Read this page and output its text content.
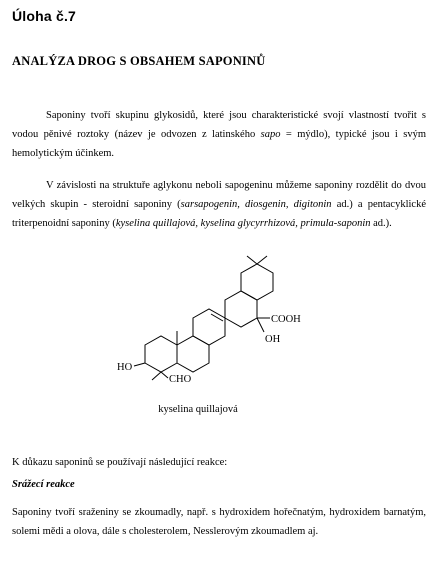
Úloha č.7
ANALÝZA DROG S OBSAHEM SAPONINŮ
Saponiny tvoří skupinu glykosidů, které jsou charakteristické svojí vlastností tvořit s vodou pěnivé roztoky (název je odvozen z latinského sapo = mýdlo), typické jsou i svým hemolytickým účinkem.
V závislosti na struktuře aglykonu neboli sapogeninu můžeme saponiny rozdělit do dvou velkých skupin - steroidní saponiny (sarsapogenin, diosgenin, digitonin ad.) a pentacyklické triterpenoidní saponiny (kyselina quillajová, kyselina glycyrrhizová, primula-saponin ad.).
COOH
OH
HO
CHO
kyselina quillajová
K důkazu saponinů se používají následující reakce:
Srážecí reakce
Saponiny tvoří sraženiny se zkoumadly, např. s hydroxidem hořečnatým, hydroxidem barnatým, solemi mědi a olova, dále s cholesterolem, Nesslerovým zkoumadlem aj.
